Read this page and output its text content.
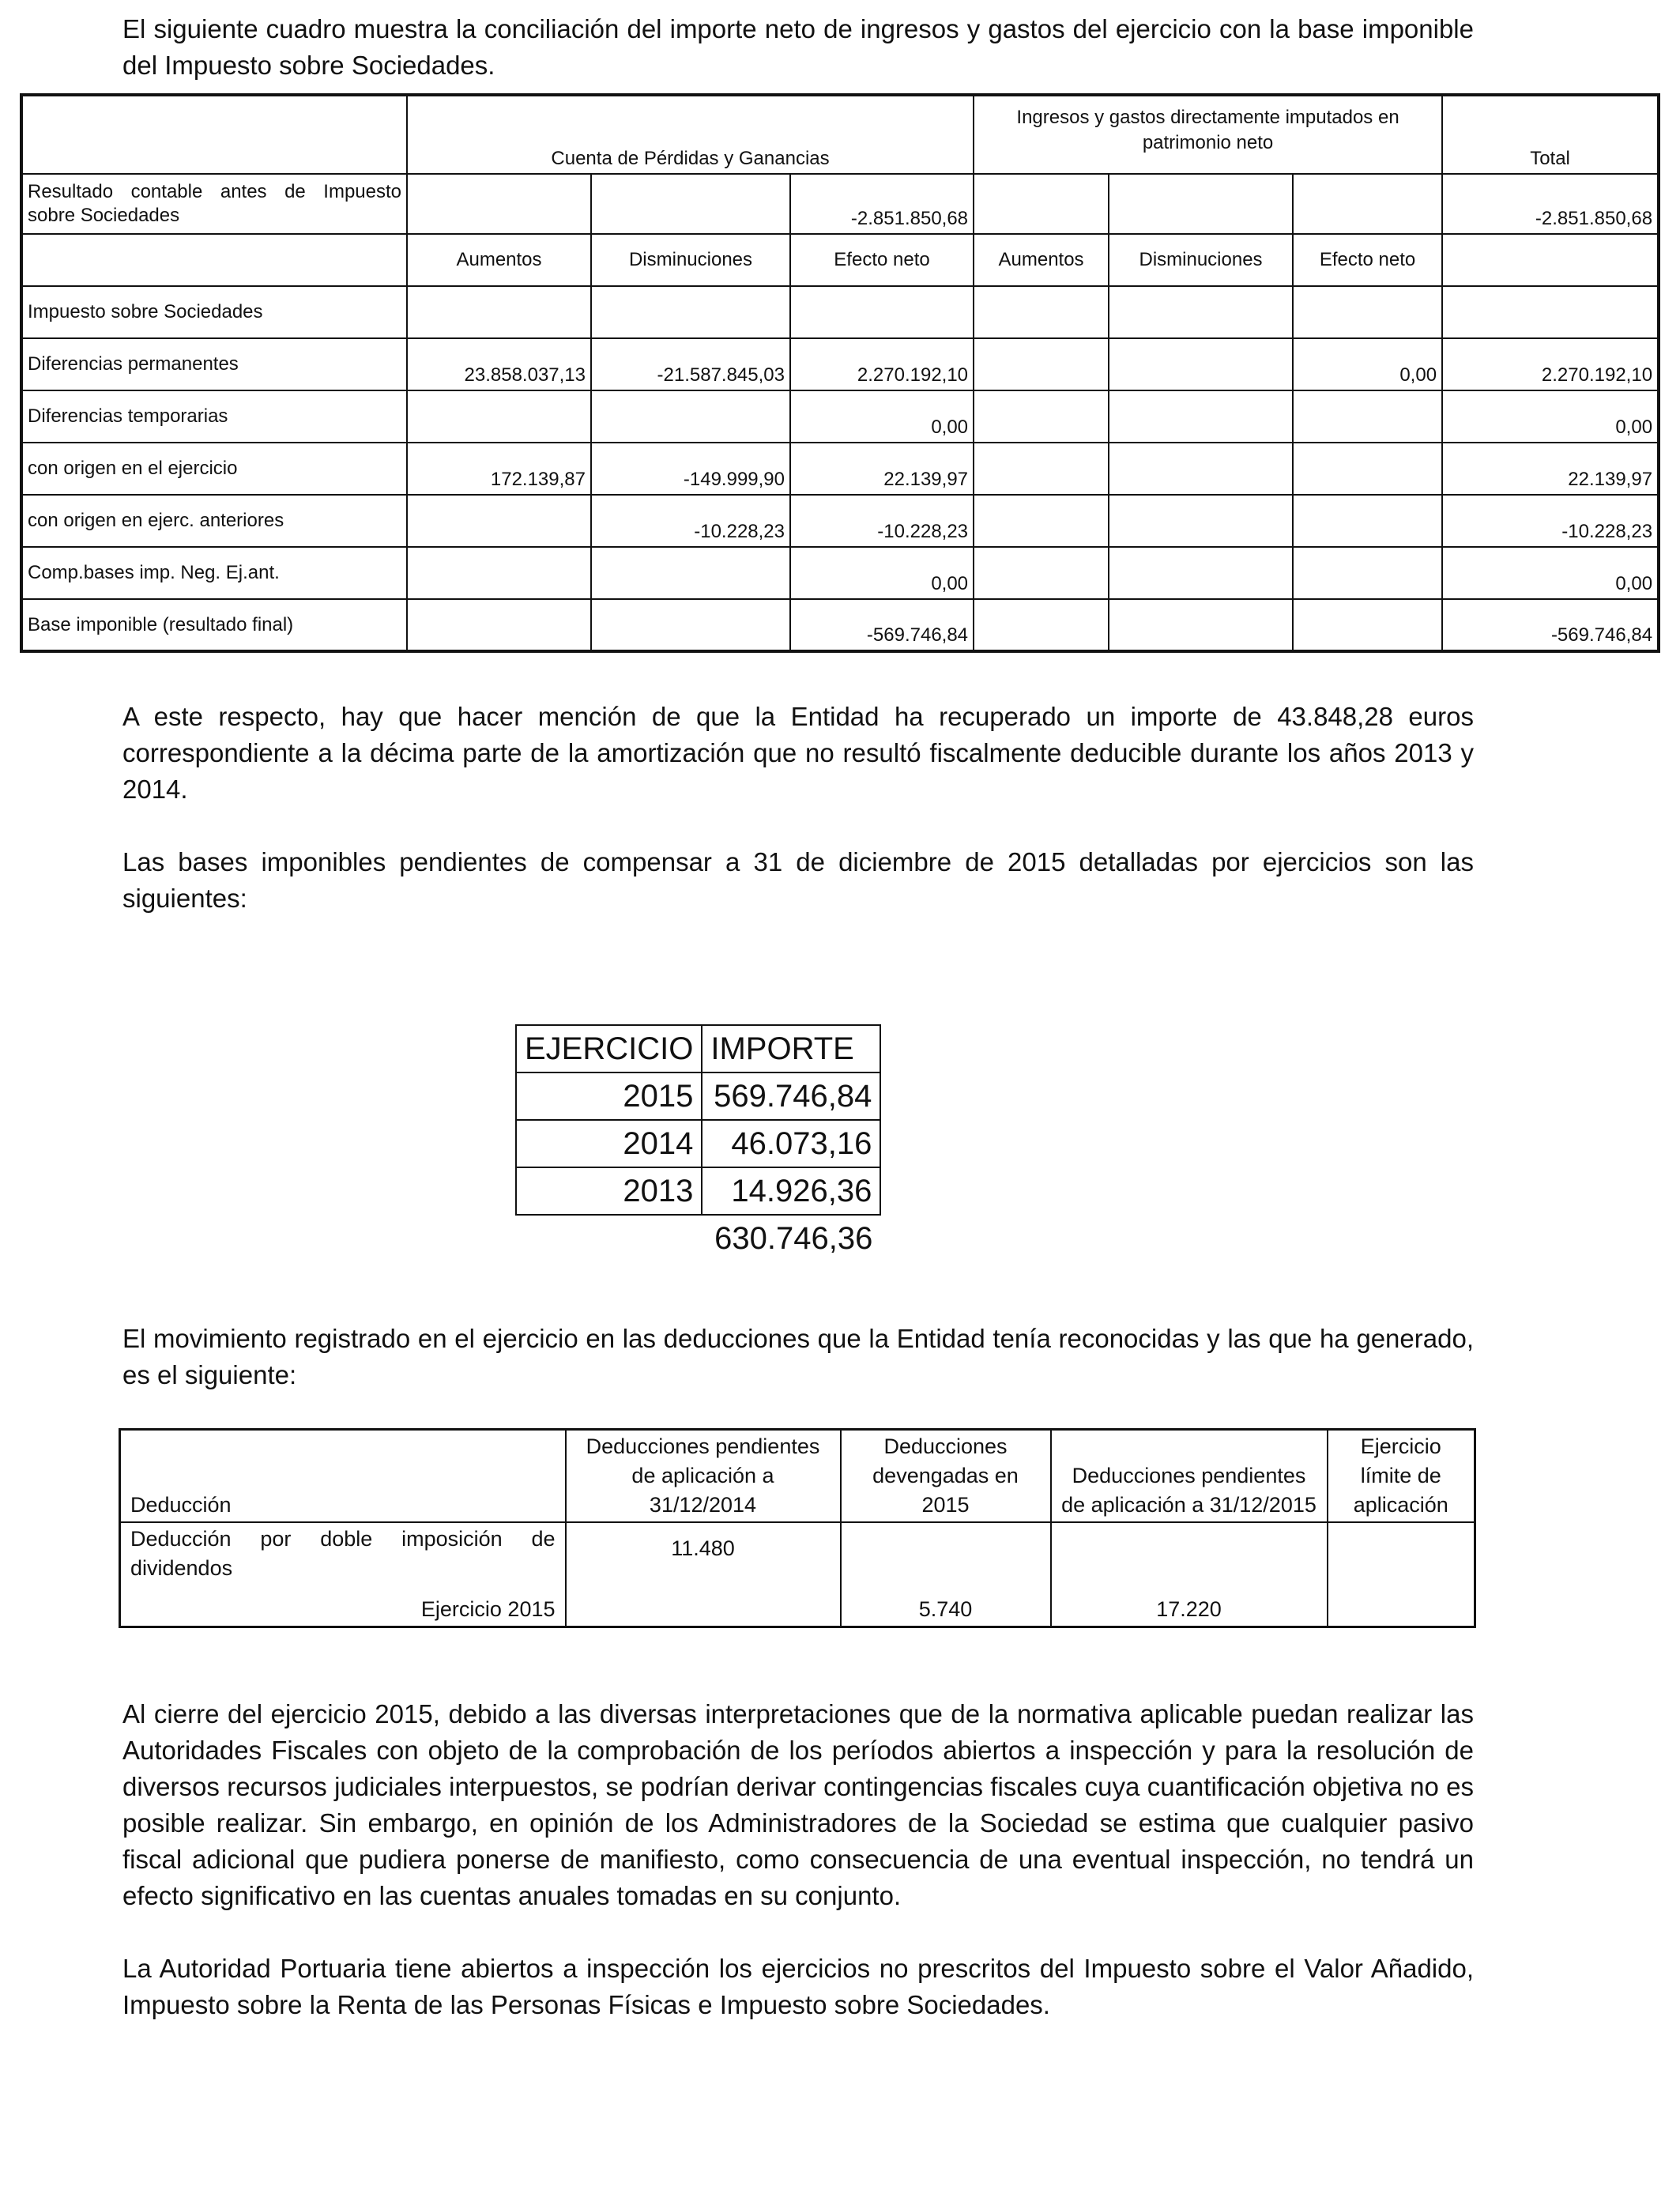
El siguiente cuadro muestra la conciliación del importe neto de ingresos y gastos del ejercicio con la base imponible del Impuesto sobre Sociedades.

	Cuenta de Pérdidas y Ganancias			Ingresos y gastos directamente imputados en patrimonio neto			Total
Resultado contable antes de Impuesto sobre Sociedades			-2.851.850,68				-2.851.850,68
	Aumentos	Disminuciones	Efecto neto	Aumentos	Disminuciones	Efecto neto	
Impuesto sobre Sociedades							
Diferencias permanentes	23.858.037,13	-21.587.845,03	2.270.192,10			0,00	2.270.192,10
Diferencias temporarias			0,00				0,00
con origen en el ejercicio	172.139,87	-149.999,90	22.139,97				22.139,97
con origen en ejerc. anteriores		-10.228,23	-10.228,23				-10.228,23
Comp.bases imp. Neg. Ej.ant.			0,00				0,00
Base imponible (resultado final)			-569.746,84				-569.746,84

A este respecto, hay que hacer mención de que la Entidad ha recuperado un importe de 43.848,28 euros correspondiente a la décima parte de la amortización que no resultó fiscalmente deducible durante los años 2013 y 2014.

Las bases imponibles pendientes de compensar a 31 de diciembre de 2015 detalladas por ejercicios son las siguientes:

EJERCICIO	IMPORTE
2015	569.746,84
2014	46.073,16
2013	14.926,36
	630.746,36

El movimiento registrado en el ejercicio en las deducciones que la Entidad tenía reconocidas y las que ha generado, es el siguiente:

Deducción	Deducciones pendientes de aplicación a 31/12/2014	Deducciones devengadas en 2015	Deducciones pendientes de aplicación a 31/12/2015	Ejercicio límite de aplicación
Deducción por doble imposición de dividendos	11.480			
Ejercicio 2015		5.740	17.220	

Al cierre del ejercicio 2015, debido a las diversas interpretaciones que de la normativa aplicable puedan realizar las Autoridades Fiscales con objeto de la comprobación de los períodos abiertos a inspección y para la resolución de diversos recursos judiciales interpuestos, se podrían derivar contingencias fiscales cuya cuantificación objetiva no es posible realizar. Sin embargo, en opinión de los Administradores de la Sociedad se estima que cualquier pasivo fiscal adicional que pudiera ponerse de manifiesto, como consecuencia de una eventual inspección, no tendrá un efecto significativo en las cuentas anuales tomadas en su conjunto.

La Autoridad Portuaria tiene abiertos a inspección los ejercicios no prescritos del Impuesto sobre el Valor Añadido, Impuesto sobre la Renta de las Personas Físicas e Impuesto sobre Sociedades.
